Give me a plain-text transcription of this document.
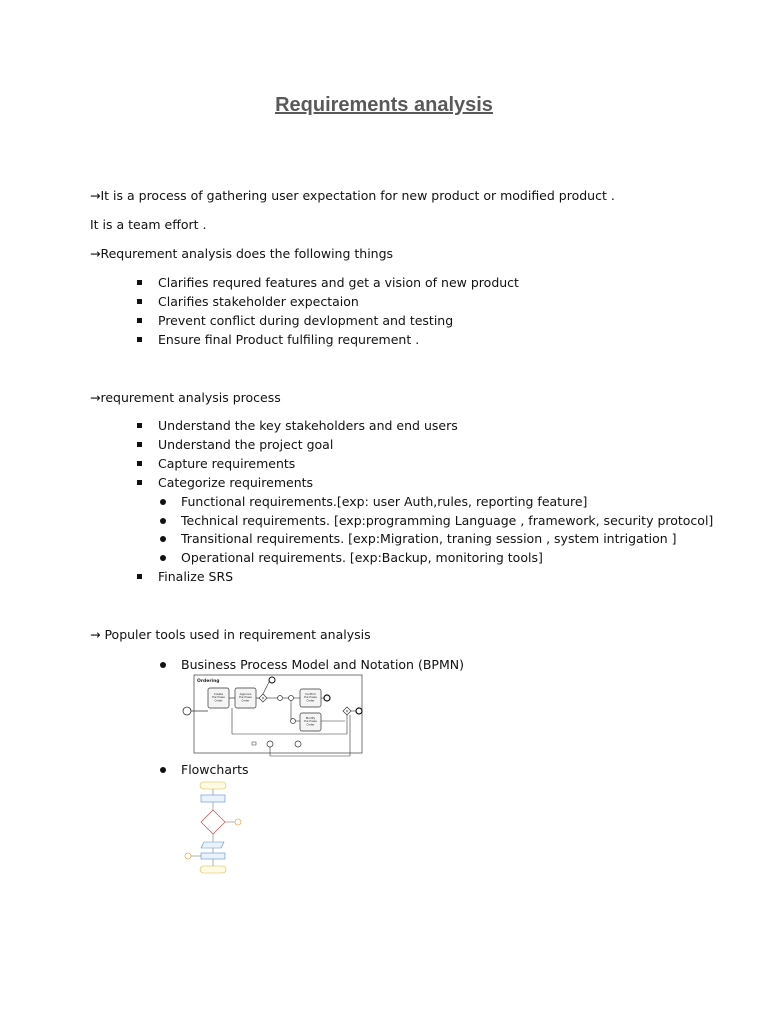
Requirements analysis
→It is a process of gathering user expectation for new product or modified product .
It is a team effort .
→Requrement analysis does the following things
Clarifies requred features and get a vision of new product
Clarifies stakeholder expectaion
Prevent conflict during devlopment and testing
Ensure final Product fulfiling requrement .
→requrement analysis process
Understand the key stakeholders and end users
Understand the project goal
Capture requirements
Categorize requirements
Functional requirements.[exp: user Auth,rules, reporting feature]
Technical requirements. [exp:programming Language , framework, security protocol]
Transitional requirements. [exp:Migration, traning session , system intrigation ]
Operational requirements. [exp:Backup, monitoring tools]
Finalize SRS
→ Populer tools used in requirement analysis
Business Process Model and Notation (BPMN)
Ordering
Create Purchase Order
Approve Purchase Order	×
Confirm Purchase Order
Modify Purchase Order
×
Flowcharts
